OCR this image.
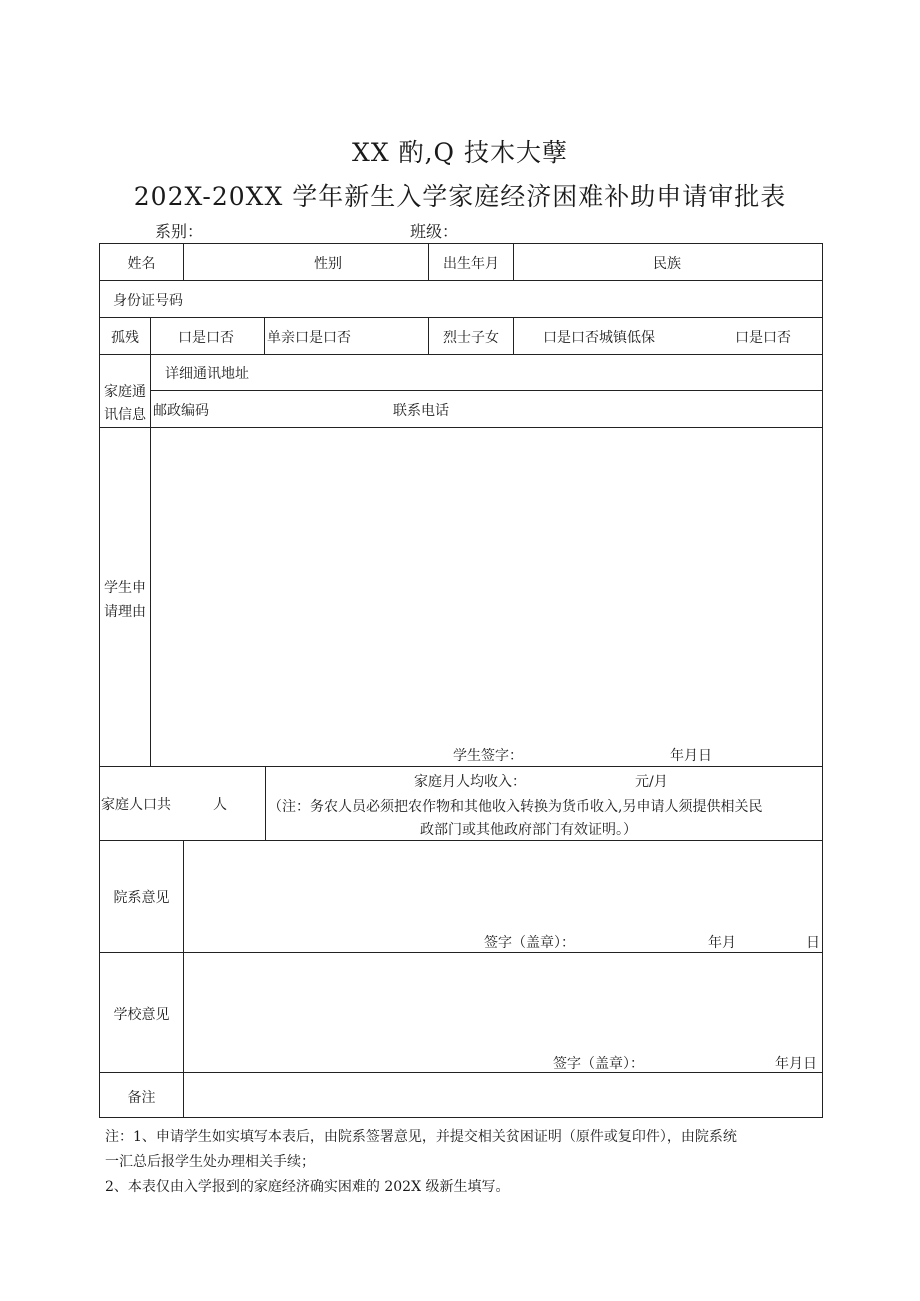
XX 酌,Q 技木大孽
202X-20XX 学年新生入学家庭经济困难补助申请审批表
系别：	班级：
姓名	性别	出生年月	民族
身份证号码
孤残	口是口否 单亲口是口否	烈士子女	口是口否城镇低保	口是口否
家庭通讯信息
详细通讯地址
邮政编码	联系电话
学生申请理由
学生签字：	年月日
家庭人口共	人
家庭月人均收入：	元/月
（注：务农人员必须把农作物和其他收入转换为货币收入,另申请人须提供相关民
政部门或其他政府部门有效证明。）
院系意见
签字（盖章）：	年月	日
学校意见
签字（盖章）：	年月日
备注
注：1、申请学生如实填写本表后，由院系签署意见，并提交相关贫困证明（原件或复印件），由院系统
一汇总后报学生处办理相关手续；
2、本表仅由入学报到的家庭经济确实困难的 202X 级新生填写。
